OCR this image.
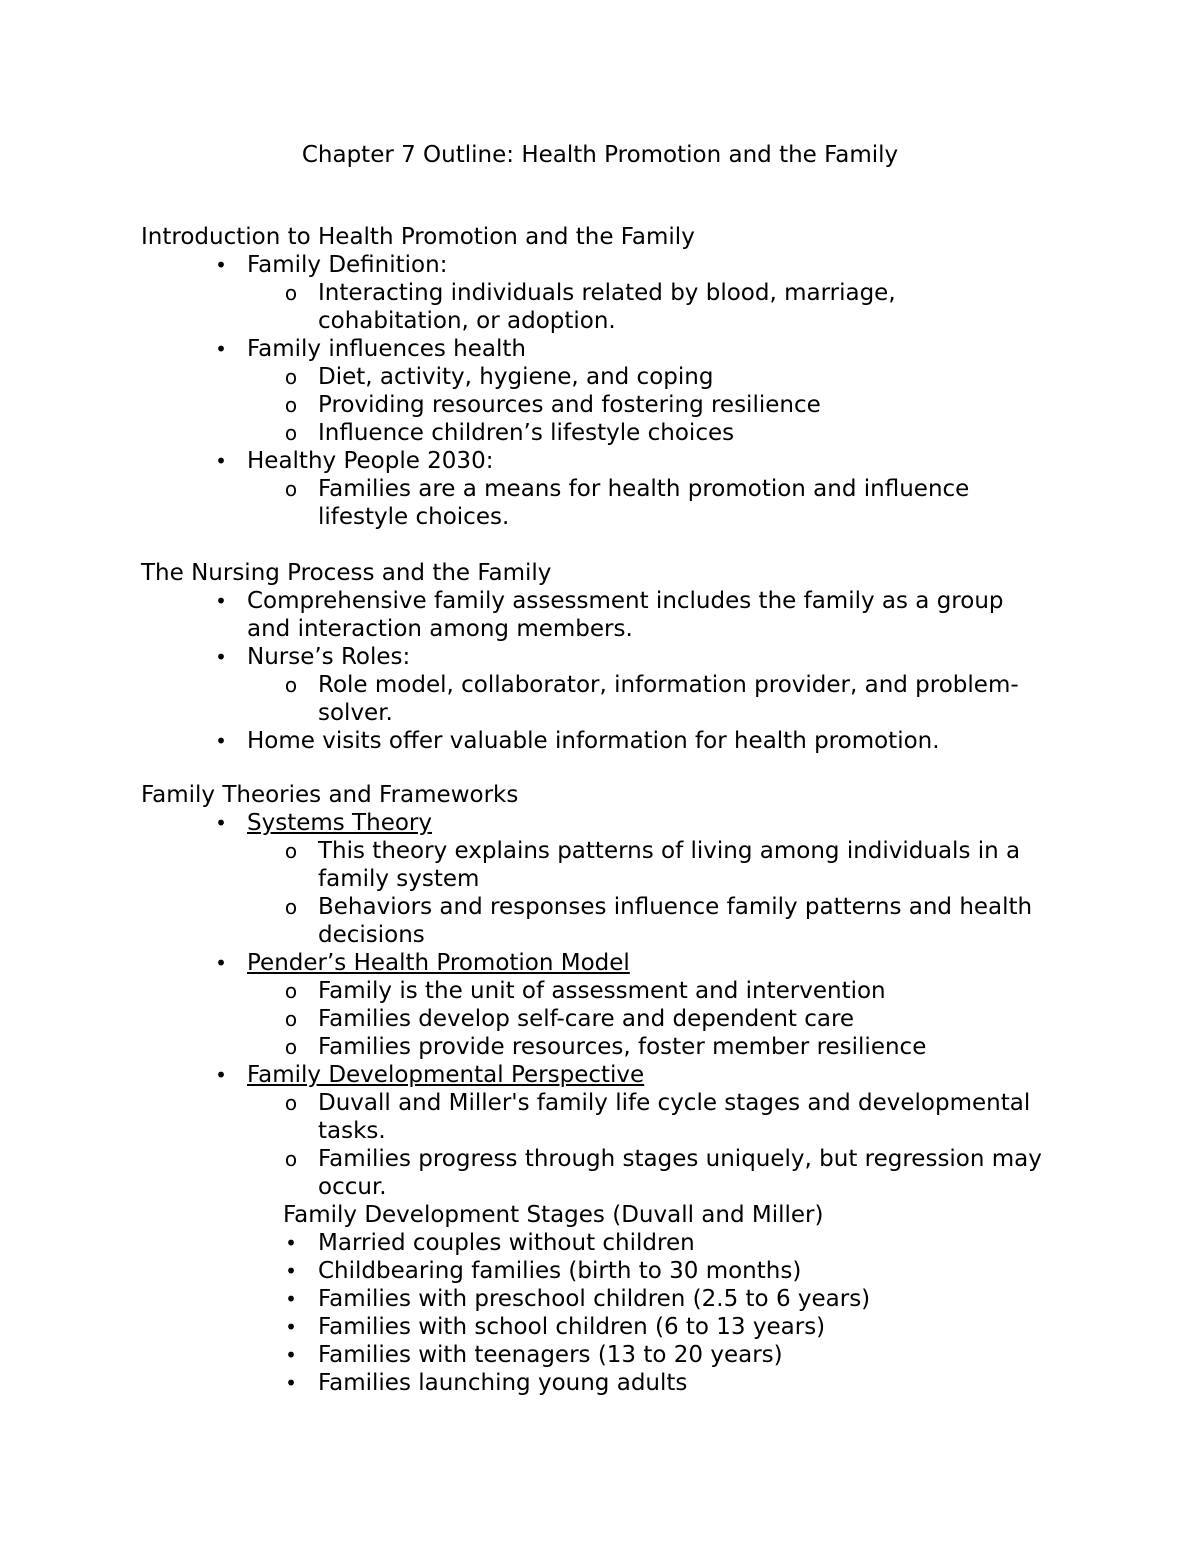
Chapter 7 Outline: Health Promotion and the Family
Introduction to Health Promotion and the Family
• Family Definition:
o Interacting individuals related by blood, marriage,
cohabitation, or adoption.
• Family influences health
o Diet, activity, hygiene, and coping
o Providing resources and fostering resilience
o Influence children’s lifestyle choices
• Healthy People 2030:
o Families are a means for health promotion and influence
lifestyle choices.
The Nursing Process and the Family
• Comprehensive family assessment includes the family as a group
and interaction among members.
• Nurse’s Roles:
o Role model, collaborator, information provider, and problem-
solver.
• Home visits offer valuable information for health promotion.
Family Theories and Frameworks
• Systems Theory
o This theory explains patterns of living among individuals in a
family system
o Behaviors and responses influence family patterns and health
decisions
• Pender’s Health Promotion Model
o Family is the unit of assessment and intervention
o Families develop self-care and dependent care
o Families provide resources, foster member resilience
• Family Developmental Perspective
o Duvall and Miller's family life cycle stages and developmental
tasks.
o Families progress through stages uniquely, but regression may
occur.
Family Development Stages (Duvall and Miller)
• Married couples without children
• Childbearing families (birth to 30 months)
• Families with preschool children (2.5 to 6 years)
• Families with school children (6 to 13 years)
• Families with teenagers (13 to 20 years)
• Families launching young adults
